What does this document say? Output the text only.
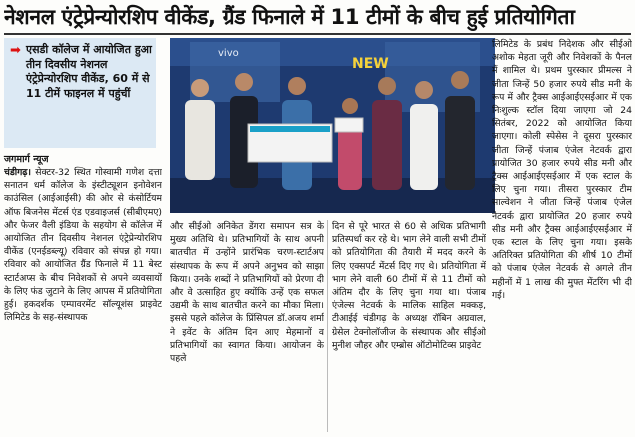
नेशनल एंट्रेप्रेन्योरशिप वीकेंड, ग्रैंड फिनाले में 11 टीमों के बीच हुई प्रतियोगिता
➡ एसडी कॉलेज में आयोजित हुआ तीन दिवसीय नेशनल एंट्रेप्रेन्योरशिप वीकेंड, 60 में से 11 टीमें फाइनल में पहुंचीं
vivo
NEW
जगमार्ग न्यूज
चंडीगढ़। सेक्टर-32 स्थित गोस्वामी गणेश दत्ता सनातन धर्म कॉलेज के इंस्टीट्यूशन इनोवेशन काउंसिल (आईआईसी) की ओर से कंसोर्टियम ऑफ बिजनेस मेंटर्स एंड एडवाइजर्स (सीबीएमए) और फेजर वैली इंडिया के सहयोग से कॉलेज में आयोजित तीन दिवसीय नेशनल एंट्रेप्रेन्योरशिप वीकेंड (एनईडब्ल्यू) रविवार को संपन्न हो गया। रविवार को आयोजित ग्रैंड फिनाले में 11 बेस्ट स्टार्टअप्स के बीच निवेशकों से अपने व्यवसायों के लिए फंड जुटाने के लिए आपस में प्रतियोगिता हुई। हकदर्शक एम्पावरमेंट सॉल्यूशंस प्राइवेट लिमिटेड के सह-संस्थापक
और सीईओ अनिकेत डेंगरा समापन सत्र के मुख्य अतिथि थे। प्रतिभागियों के साथ अपनी बातचीत में उन्होंने प्रारंभिक चरण-स्टार्टअप संस्थापक के रूप में अपने अनुभव को साझा किया। उनके शब्दों ने प्रतिभागियों को प्रेरणा दी और वे उत्साहित हुए क्योंकि उन्हें एक सफल उद्यमी के साथ बातचीत करने का मौका मिला। इससे पहले कॉलेज के प्रिंसिपल डॉ.अजय शर्मा ने इवेंट के अंतिम दिन आए मेहमानों व प्रतिभागियों का स्वागत किया। आयोजन के पहले
दिन से पूरे भारत से 60 से अधिक प्रतिभागी प्रतिस्पर्धा कर रहे थे। भाग लेने वाली सभी टीमों को प्रतियोगिता की तैयारी में मदद करने के लिए एक्सपर्ट मेंटर्स दिए गए थे। प्रतियोगिता में भाग लेने वाली 60 टीमों में से 11 टीमों को अंतिम दौर के लिए चुना गया था। पंजाब एंजेल्स नेटवर्क के मालिक साहिल मक्कड़, टीआईई चंडीगढ़ के अध्यक्ष रॉबिन अग्रवाल, ग्रेसेल टेक्नोलॉजीज के संस्थापक और सीईओ मुनीश जौहर और एम्ब्रोस ऑटोमोटिव्स प्राइवेट
लिमिटेड के प्रबंध निदेशक और सीईओ अशोक मेहता जूरी और निवेशकों के पैनल में शामिल थे। प्रथम पुरस्कार प्रीमल्स ने जीता जिन्हें 50 हजार रुपये सीड मनी के रूप में और ट्रैक्स आईआईएसईआर में एक निःशुल्क स्टॉल दिया जाएगा जो 24 सितंबर, 2022 को आयोजित किया जाएगा। कोली स्पेसेस ने दूसरा पुरस्कार जीता जिन्हें पंजाब एंजेल नेटवर्क द्वारा प्रायोजित 30 हजार रुपये सीड मनी और ट्रैक्स आईआईएसईआर में एक स्टाल के लिए चुना गया। तीसरा पुरस्कार टीम साल्वेशन ने जीता जिन्हें पंजाब एंजेल नेटवर्क द्वारा प्रायोजित 20 हजार रुपये सीड मनी और ट्रैक्स आईआईएसईआर में एक स्टाल के लिए चुना गया। इसके अतिरिक्त प्रतियोगिता की शीर्ष 10 टीमों को पंजाब एंजेल नेटवर्क से अगले तीन महीनों में 1 लाख की मुफ्त मेंटरिंग भी दी गई।
